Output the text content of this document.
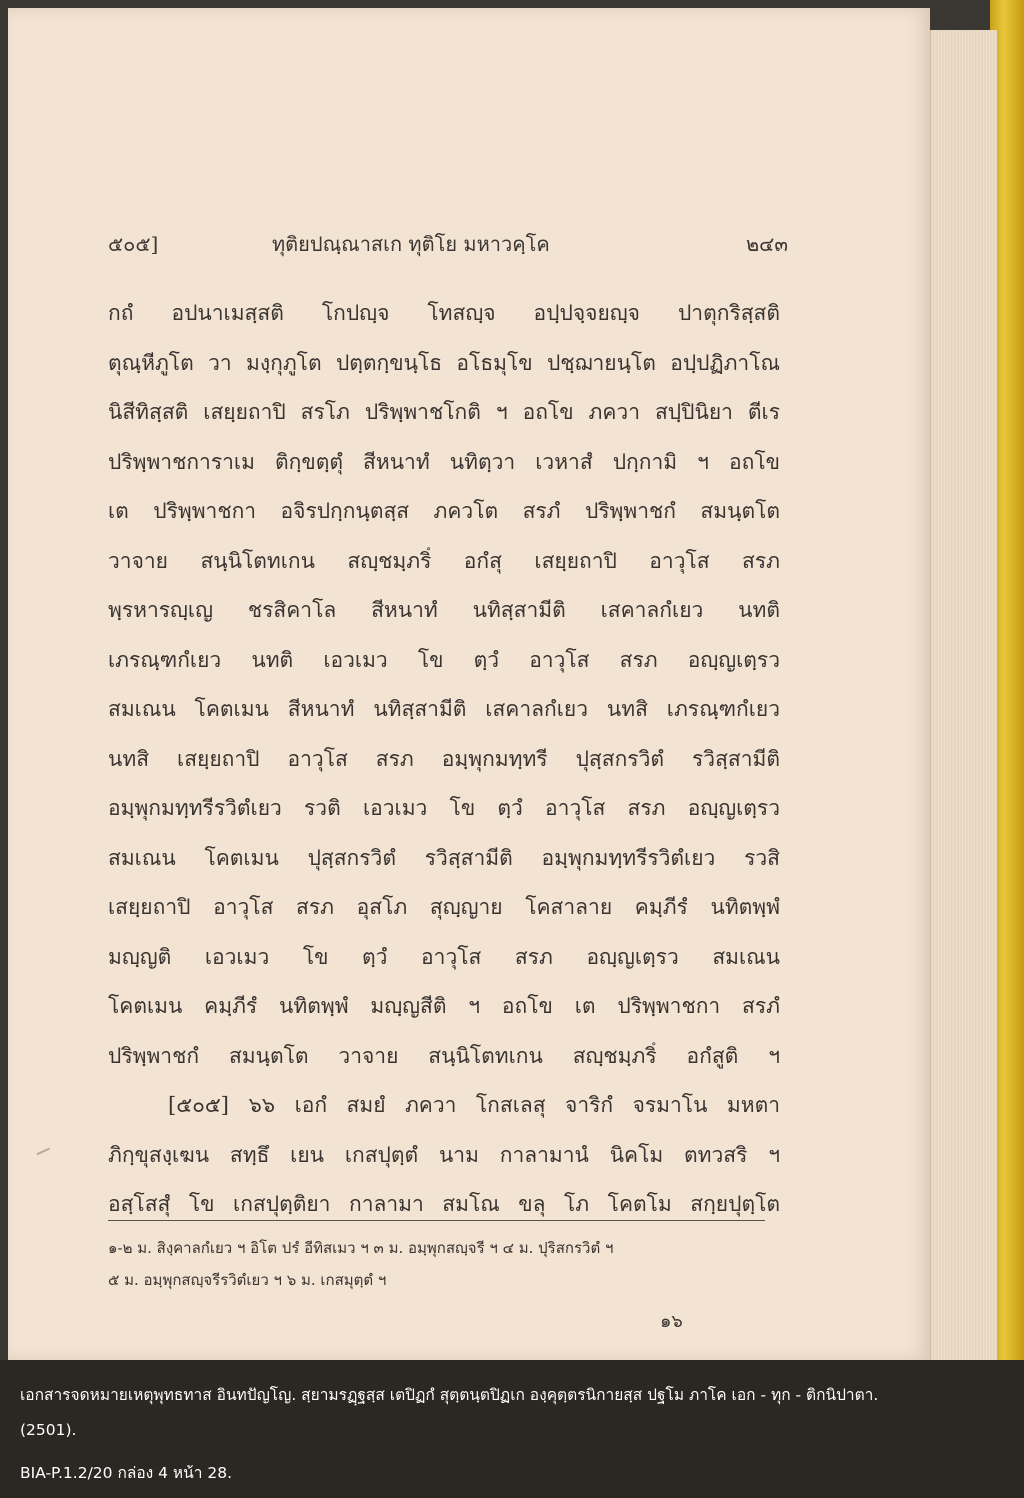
๕๐๕]	ทุติยปณฺณาสเก ทุติโย มหาวคฺโค	๒๔๓
กถํ อปนาเมสฺสติ โกปญฺจ โทสญฺจ อปฺปจฺจยญฺจ ปาตุกริสฺสติ
ตุณฺหีภูโต วา มงฺกุภูโต ปตฺตกฺขนฺโธ อโธมุโข ปชฺฌายนฺโต อปฺปฏิภาโณ
นิสีทิสฺสติ เสยฺยถาปิ สรโภ ปริพฺพาชโกติ ฯ อถโข ภควา สปฺปินิยา ตีเร
ปริพฺพาชการาเม ติกฺขตฺตุํ สีหนาทํ นทิตฺวา เวหาสํ ปกฺกามิ ฯ อถโข
เต ปริพฺพาชกา อจิรปกฺกนฺตสฺส ภควโต สรภํ ปริพฺพาชกํ สมนฺตโต
วาจาย สนฺนิโตทเกน สญฺชมฺภริํ อกํสุ เสยฺยถาปิ อาวุโส สรภ
พฺรหารญฺเญ ชรสิคาโล สีหนาทํ นทิสฺสามีติ เสคาลกํเยว นทติ
เภรณฺฑกํเยว นทติ เอวเมว โข ตฺวํ อาวุโส สรภ อญฺญเตฺรว
สมเณน โคตเมน สีหนาทํ นทิสฺสามีติ เสคาลกํเยว นทสิ เภรณฺฑกํเยว
นทสิ เสยฺยถาปิ อาวุโส สรภ อมฺพุกมทฺทรี ปุสฺสกรวิตํ รวิสฺสามีติ
อมฺพุกมทฺทรีรวิตํเยว รวติ เอวเมว โข ตฺวํ อาวุโส สรภ อญฺญเตฺรว
สมเณน โคตเมน ปุสฺสกรวิตํ รวิสฺสามีติ อมฺพุกมทฺทรีรวิตํเยว รวสิ
เสยฺยถาปิ อาวุโส สรภ อุสโภ สุญฺญาย โคสาลาย คมฺภีรํ นทิตพฺพํ
มญฺญติ เอวเมว โข ตฺวํ อาวุโส สรภ อญฺญเตฺรว สมเณน
โคตเมน คมฺภีรํ นทิตพฺพํ มญฺญสีติ ฯ อถโข เต ปริพฺพาชกา สรภํ
ปริพฺพาชกํ สมนฺตโต วาจาย สนฺนิโตทเกน สญฺชมฺภริํ อกํสูติ ฯ
[๕๐๕] ๖๖ เอกํ สมยํ ภควา โกสเลสุ จาริกํ จรมาโน มหตา
ภิกฺขุสงฺเฆน สทฺธึ เยน เกสปุตฺตํ นาม กาลามานํ นิคโม ตทวสริ ฯ
อสฺโสสุํ โข เกสปุตฺติยา กาลามา สมโณ ขลุ โภ โคตโม สกฺยปุตฺโต
๑-๒ ม. สิงฺคาลกํเยว ฯ อิโต ปรํ อีทิสเมว ฯ ๓ ม. อมฺพุกสญฺจรี ฯ ๔ ม. ปุริสกรวิตํ ฯ
๕ ม. อมฺพุกสญฺจรีรวิตํเยว ฯ ๖ ม. เกสมุตฺตํ ฯ
๑๖
เอกสารจดหมายเหตุพุทธทาส อินทปัญโญ. สฺยามรฏฺฐสฺส เตปิฏกํ สุตฺตนฺตปิฏเก องฺคุตฺตรนิกายสฺส ปฐโม ภาโค เอก - ทุก - ติกนิปาตา.
(2501).
BIA-P.1.2/20 กล่อง 4 หน้า 28.
